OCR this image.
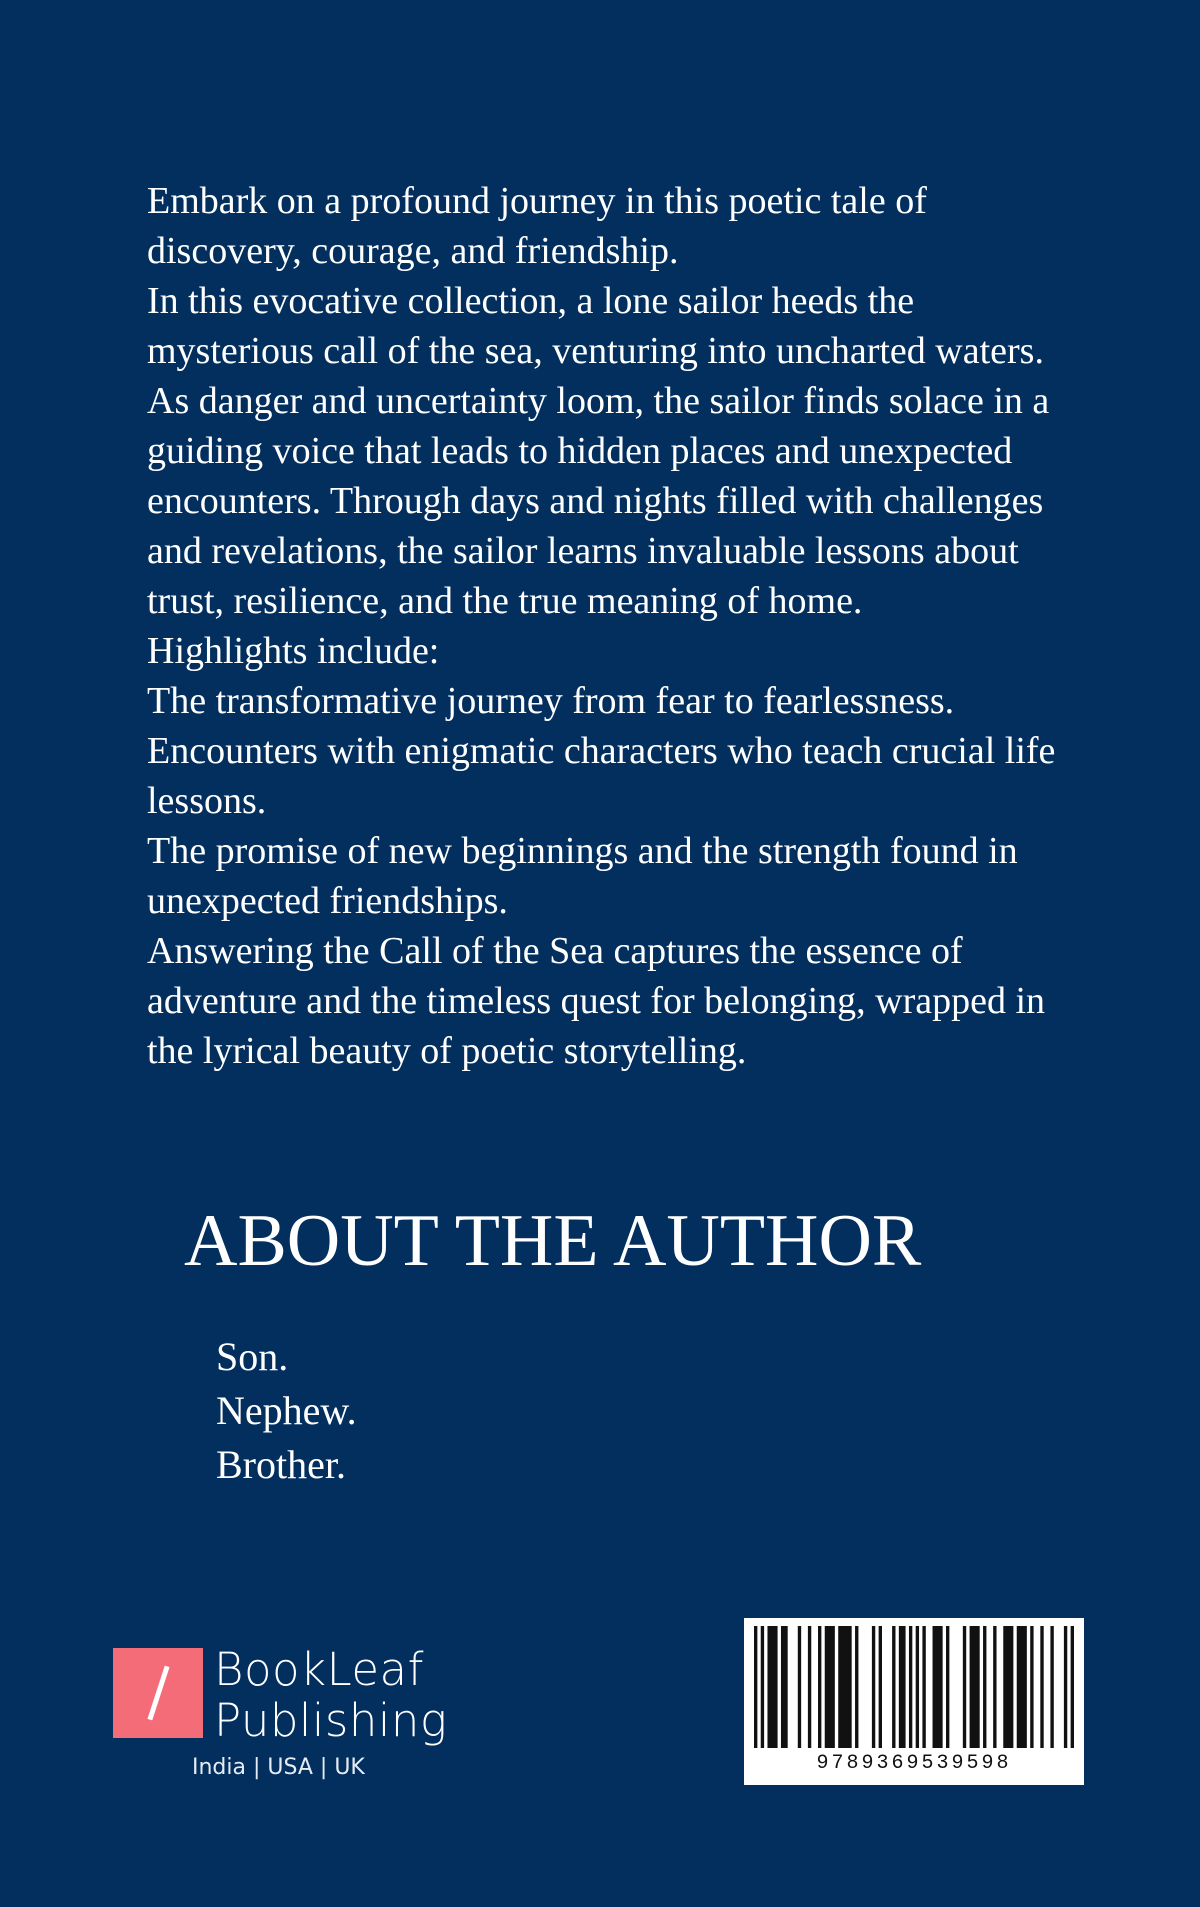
Embark on a profound journey in this poetic tale of discovery, courage, and friendship.

In this evocative collection, a lone sailor heeds the mysterious call of the sea, venturing into uncharted waters. As danger and uncertainty loom, the sailor finds solace in a guiding voice that leads to hidden places and unexpected encounters. Through days and nights filled with challenges and revelations, the sailor learns invaluable lessons about trust, resilience, and the true meaning of home.

Highlights include:

The transformative journey from fear to fearlessness.

Encounters with enigmatic characters who teach crucial life lessons.

The promise of new beginnings and the strength found in unexpected friendships.

Answering the Call of the Sea captures the essence of adventure and the timeless quest for belonging, wrapped in the lyrical beauty of poetic storytelling.

ABOUT THE AUTHOR
Son.
Nephew.
Brother.
BookLeaf
Publishing
India | USA | UK	9789369539598
